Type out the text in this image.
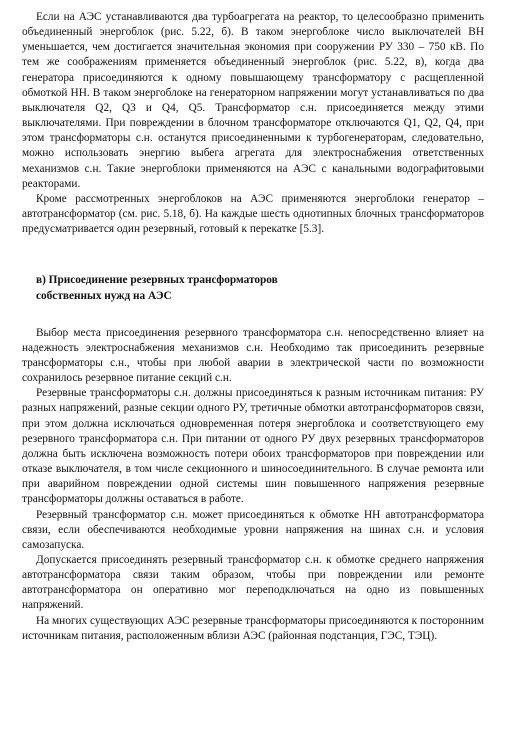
Если на АЭС устанавливаются два турбоагрегата на реактор, то целесообразно применить объединенный энергоблок (рис. 5.22, б). В таком энергоблоке число выключателей ВН уменьшается, чем достигается значительная экономия при сооружении РУ 330 – 750 кВ. По тем же соображениям применяется объединенный энергоблок (рис. 5.22, в), когда два генератора присоединяются к одному повышающему трансформатору с расщепленной обмоткой НН. В таком энергоблоке на генераторном напряжении могут устанавливаться по два выключателя Q2, Q3 и Q4, Q5. Трансформатор с.н. присоединяется между этими выключателями. При повреждении в блочном трансформаторе отключаются Q1, Q2, Q4, при этом трансформаторы с.н. останутся присоединенными к турбогенераторам, следовательно, можно использовать энергию выбега агрегата для электроснабжения ответственных механизмов с.н. Такие энергоблоки применяются на АЭС с канальными водографитовыми реакторами.

Кроме рассмотренных энергоблоков на АЭС применяются энергоблоки генератор – автотрансформатор (см. рис. 5.18, б). На каждые шесть однотипных блочных трансформаторов предусматривается один резервный, готовый к перекатке [5.3].

в) Присоединение резервных трансформаторов
собственных нужд на АЭС

Выбор места присоединения резервного трансформатора с.н. непосредственно влияет на надежность электроснабжения механизмов с.н. Необходимо так присоединить резервные трансформаторы с.н., чтобы при любой аварии в электрической части по возможности сохранилось резервное питание секций с.н.

Резервные трансформаторы с.н. должны присоединяться к разным источникам питания: РУ разных напряжений, разные секции одного РУ, третичные обмотки автотрансформаторов связи, при этом должна исключаться одновременная потеря энергоблока и соответствующего ему резервного трансформатора с.н. При питании от одного РУ двух резервных трансформаторов должна быть исключена возможность потери обоих трансформаторов при повреждении или отказе выключателя, в том числе секционного и шиносоединительного. В случае ремонта или при аварийном повреждении одной системы шин повышенного напряжения резервные трансформаторы должны оставаться в работе.

Резервный трансформатор с.н. может присоединяться к обмотке НН автотрансформатора связи, если обеспечиваются необходимые уровни напряжения на шинах с.н. и условия самозапуска.

Допускается присоединять резервный трансформатор с.н. к обмотке среднего напряжения автотрансформатора связи таким образом, чтобы при повреждении или ремонте автотрансформатора он оперативно мог переподключаться на одно из повышенных напряжений.

На многих существующих АЭС резервные трансформаторы присоединяются к посторонним источникам питания, расположенным вблизи АЭС (районная подстанция, ГЭС, ТЭЦ).
